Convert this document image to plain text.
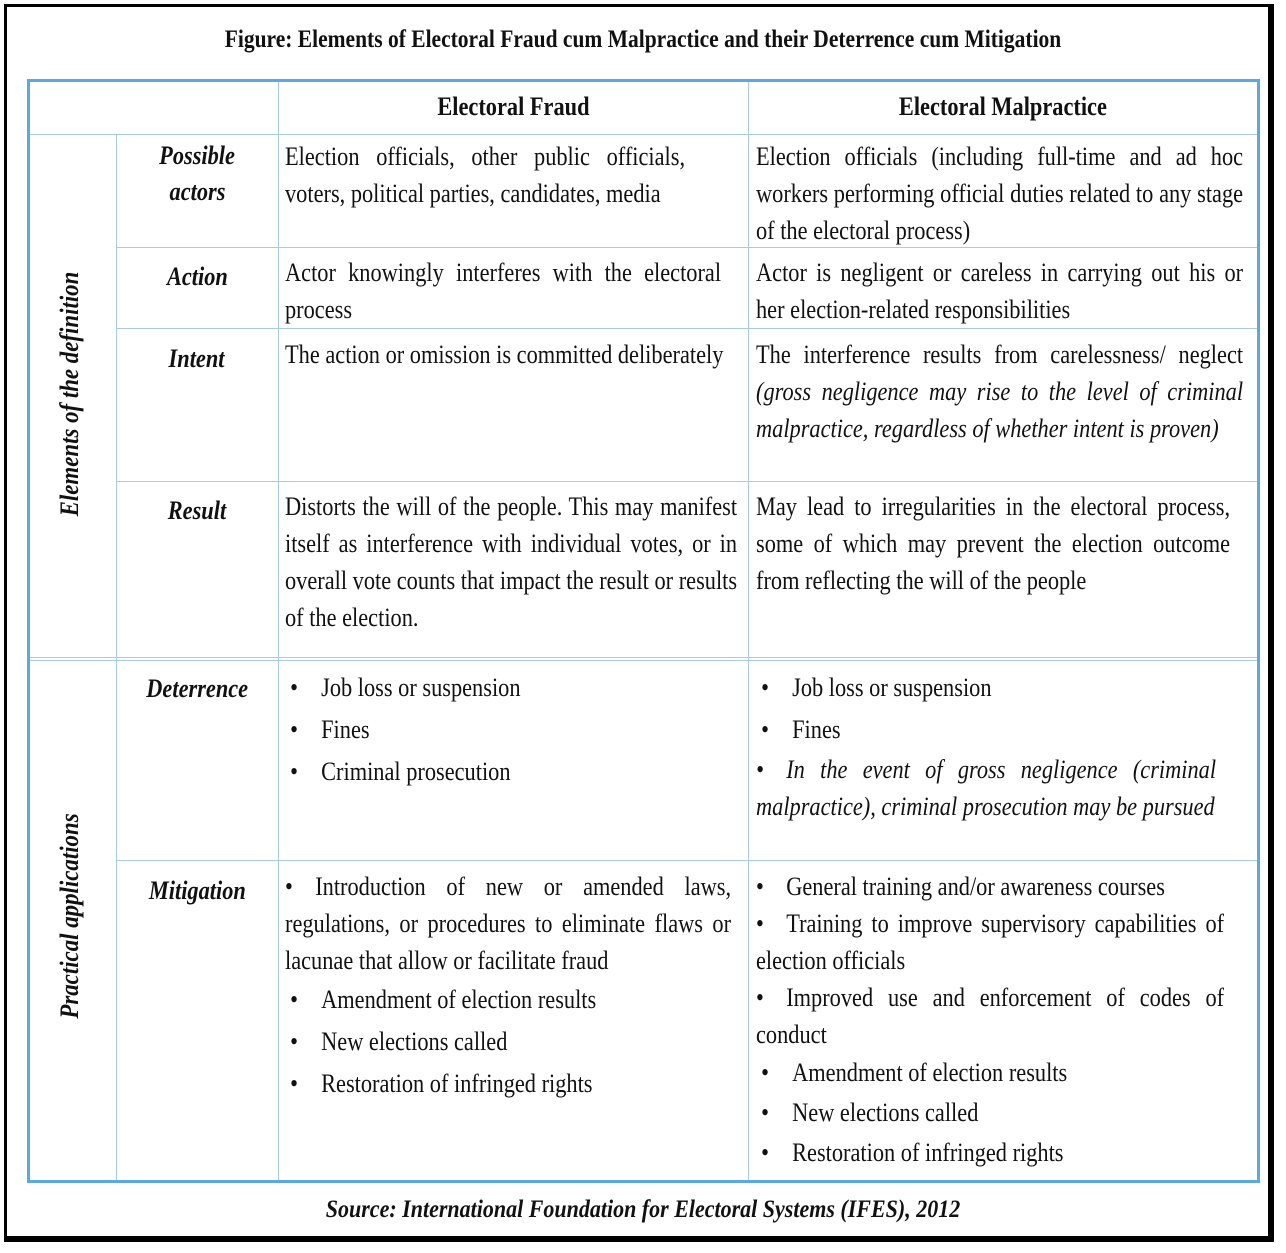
Figure: Elements of Electoral Fraud cum Malpractice and their Deterrence cum Mitigation
Electoral Fraud	Electoral Malpractice
Elements of the definition
Practical applications
Possible
actors
Action
Intent
Result
Deterrence
Mitigation
Election officials, other public officials, voters, political parties, candidates, media
Election officials (including full-time and ad hoc workers performing official duties related to any stage of the electoral process)
Actor knowingly interferes with the electoral process
Actor is negligent or careless in carrying out his or her election-related responsibilities
The action or omission is committed deliberately	The interference results from carelessness/ neglect (gross negligence may rise to the level of criminal malpractice, regardless of whether intent is proven)
Distorts the will of the people. This may manifest itself as interference with individual votes, or in overall vote counts that impact the result or results of the election.
May lead to irregularities in the electoral process, some of which may prevent the election outcome from reflecting the will of the people
• Job loss or suspension
• Fines
• Criminal prosecution
• Job loss or suspension
• Fines
• In the event of gross negligence (criminal malpractice), criminal prosecution may be pursued
• Introduction of new or amended laws, regulations, or procedures to eliminate flaws or lacunae that allow or facilitate fraud
• Amendment of election results
• New elections called
• Restoration of infringed rights
• General training and/or awareness courses
• Training to improve supervisory capabilities of election officials
• Improved use and enforcement of codes of conduct
• Amendment of election results
• New elections called
• Restoration of infringed rights
Source: International Foundation for Electoral Systems (IFES), 2012
